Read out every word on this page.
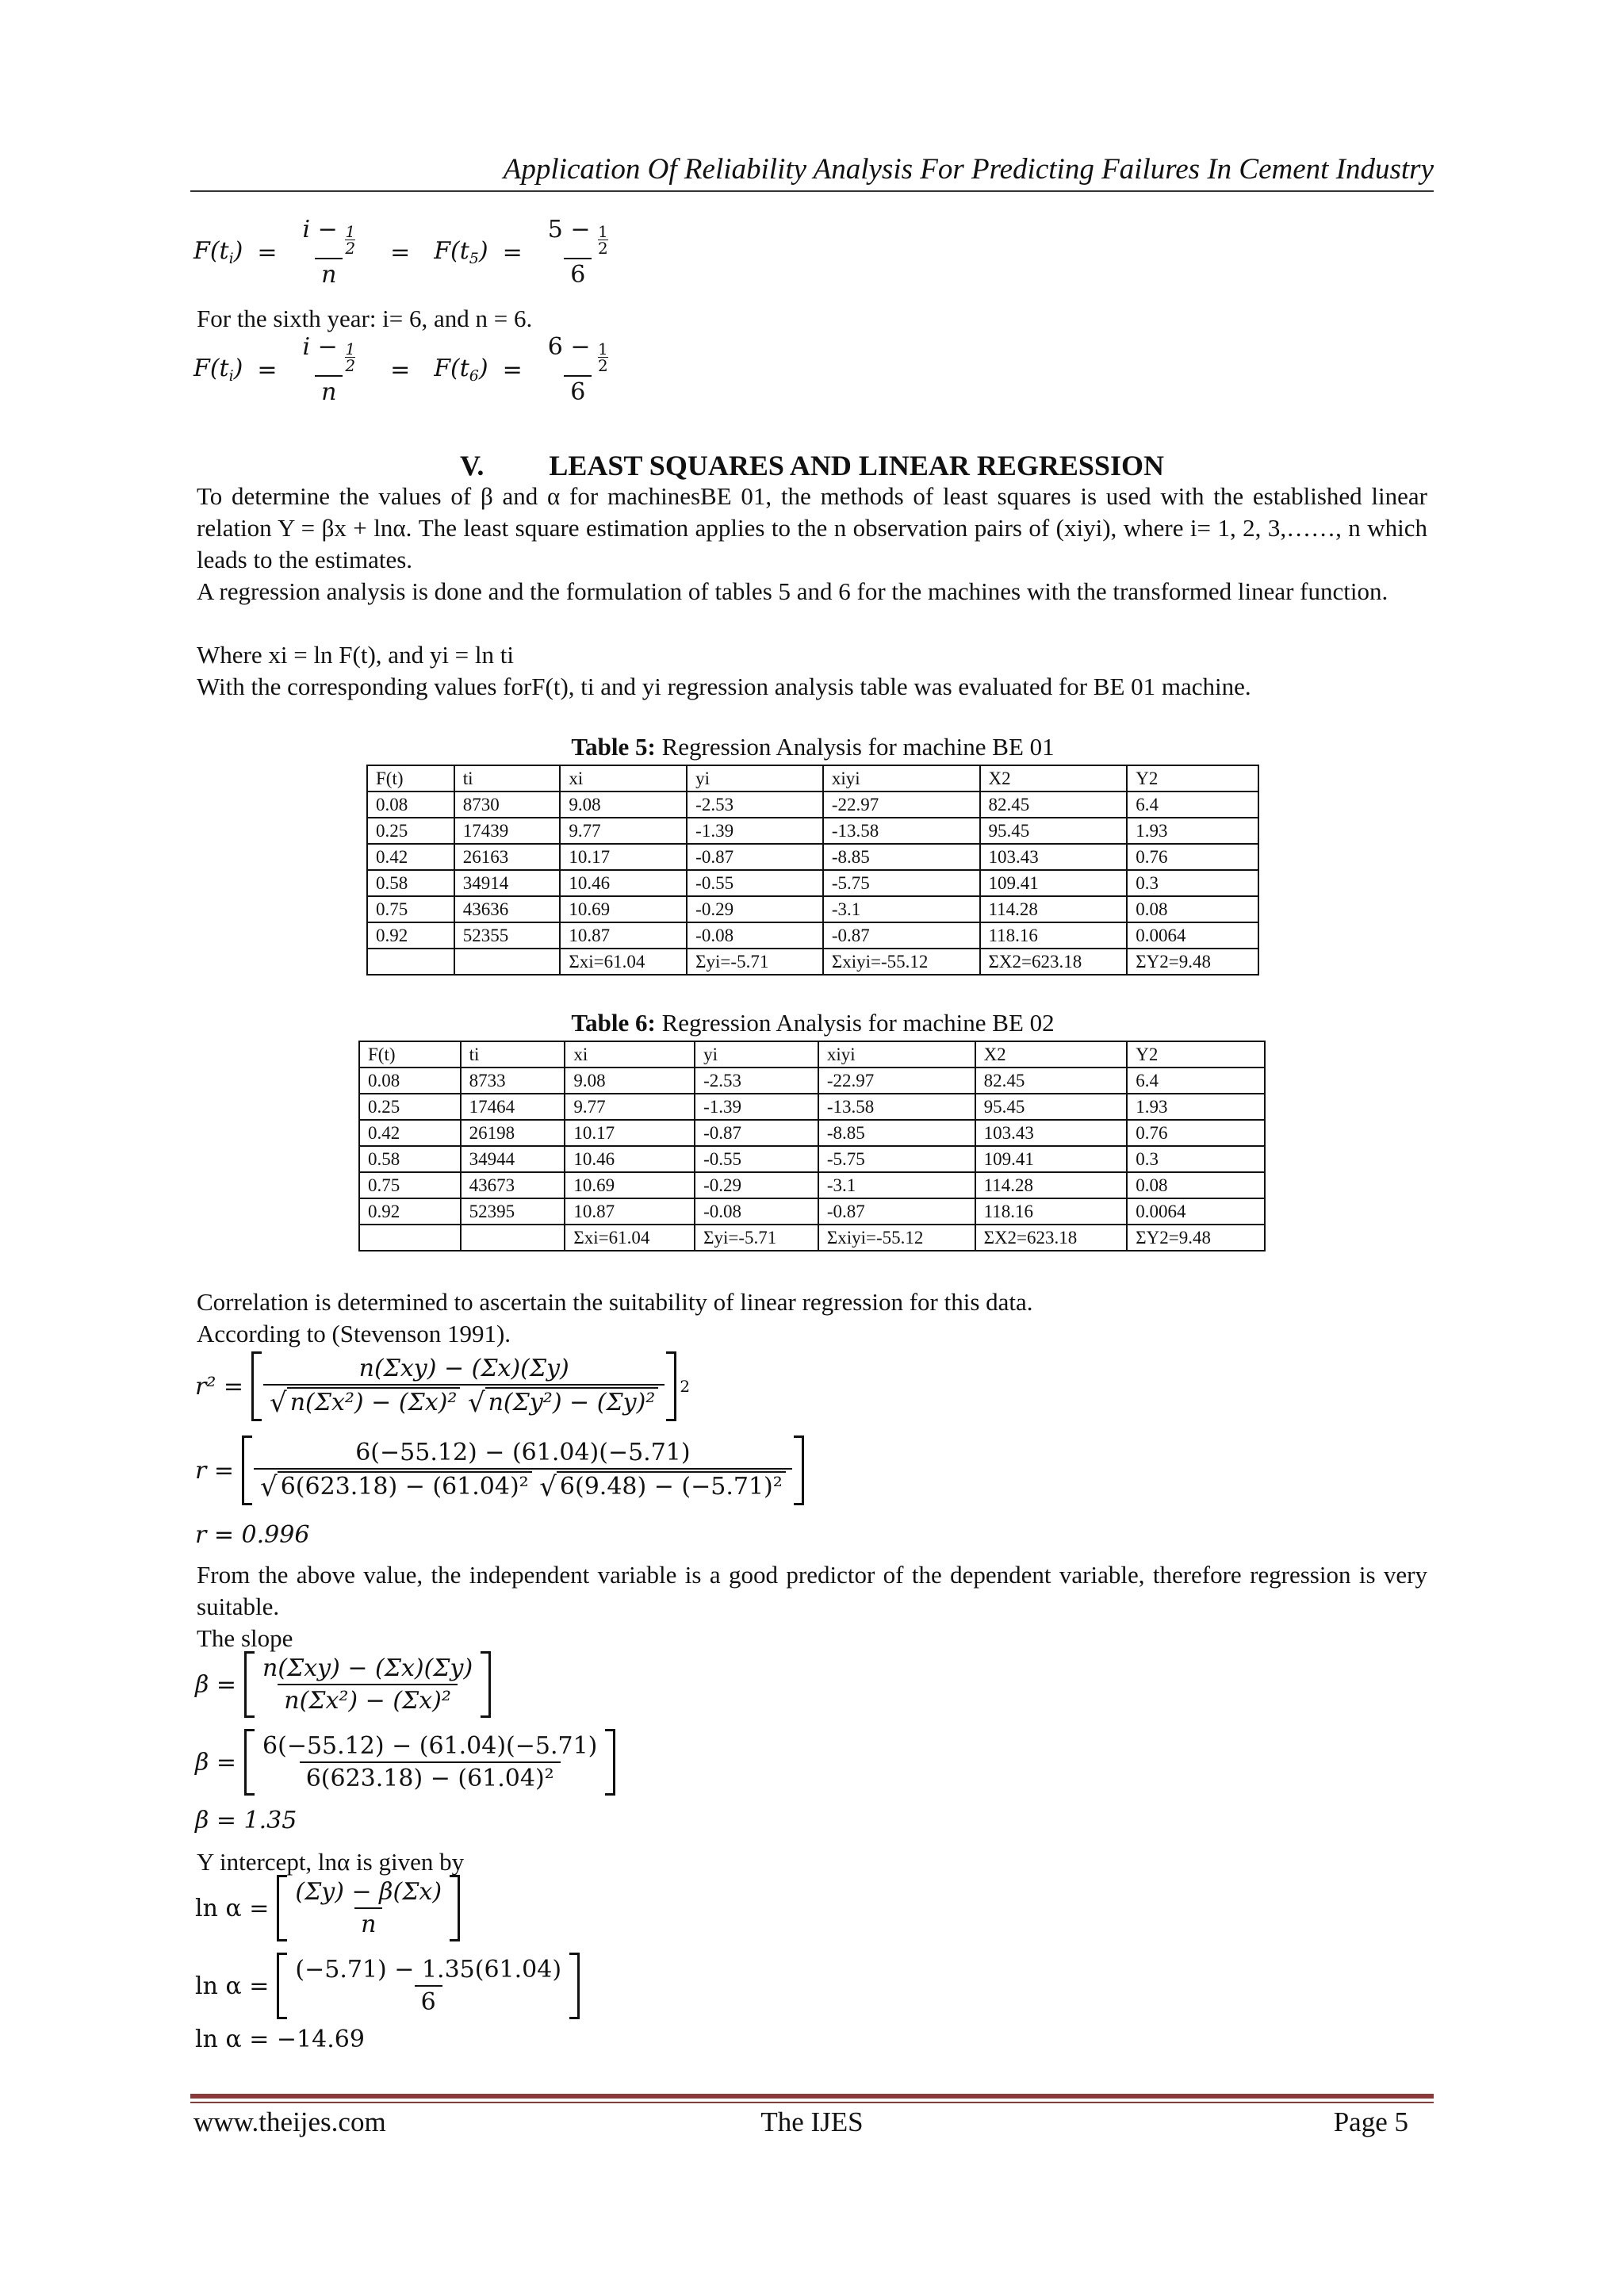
Application Of Reliability Analysis For Predicting Failures In Cement Industry
$F(t_i) = \frac{i - \frac{1}{2}}{n} = F(t_5) = \frac{5 - \frac{1}{2}}{6}$
For the sixth year: i= 6, and n = 6.
$F(t_i) = \frac{i - \frac{1}{2}}{n} = F(t_6) = \frac{6 - \frac{1}{2}}{6}$
V. LEAST SQUARES AND LINEAR REGRESSION
To determine the values of β and α for machinesBE 01, the methods of least squares is used with the established linear relation Y = βx + lnα. The least square estimation applies to the n observation pairs of (xiyi), where i= 1, 2, 3,……, n which leads to the estimates.
A regression analysis is done and the formulation of tables 5 and 6 for the machines with the transformed linear function.
Where xi = ln F(t), and yi = ln ti
With the corresponding values forF(t), ti and yi regression analysis table was evaluated for BE 01 machine.
Table 5: Regression Analysis for machine BE 01
F(t)	ti	xi	yi	xiyi	X2	Y2
0.08	8730	9.08	-2.53	-22.97	82.45	6.4
0.25	17439	9.77	-1.39	-13.58	95.45	1.93
0.42	26163	10.17	-0.87	-8.85	103.43	0.76
0.58	34914	10.46	-0.55	-5.75	109.41	0.3
0.75	43636	10.69	-0.29	-3.1	114.28	0.08
0.92	52355	10.87	-0.08	-0.87	118.16	0.0064
		Σxi=61.04	Σyi=-5.71	Σxiyi=-55.12	ΣX2=623.18	ΣY2=9.48
Table 6: Regression Analysis for machine BE 02
F(t)	ti	xi	yi	xiyi	X2	Y2
0.08	8733	9.08	-2.53	-22.97	82.45	6.4
0.25	17464	9.77	-1.39	-13.58	95.45	1.93
0.42	26198	10.17	-0.87	-8.85	103.43	0.76
0.58	34944	10.46	-0.55	-5.75	109.41	0.3
0.75	43673	10.69	-0.29	-3.1	114.28	0.08
0.92	52395	10.87	-0.08	-0.87	118.16	0.0064
		Σxi=61.04	Σyi=-5.71	Σxiyi=-55.12	ΣX2=623.18	ΣY2=9.48
Correlation is determined to ascertain the suitability of linear regression for this data.
According to (Stevenson 1991).
r² = n(Σxy) − (Σx)(Σy)
√ n(Σx²) − (Σx)²
√ n(Σy²) − (Σy)² 2
r = 6(−55.12) − (61.04)(−5.71)
√ 6(623.18) − (61.04)²
√ 6(9.48) − (−5.71)²
r = 0.996
From the above value, the independent variable is a good predictor of the dependent variable, therefore regression is very suitable.
The slope
$\beta = \frac{\text{n(Σxy) − (Σx)(Σy)}}{\text{n(Σx²) − (Σx)²}}$
$\beta = \frac{6(-55.12) - (61.04)(-5.71)}{\text{6(623.18) − (61.04)²}}$
β = 1.35
Y intercept, lnα is given by
$\ln \alpha = \frac{(\Sigma y) - \beta(\Sigma x)}{n}$
$\ln \alpha = \frac{(-5.71) - 1.35(61.04)}{6}$
ln α = −14.69
www.theijes.com	The IJES	Page 5
